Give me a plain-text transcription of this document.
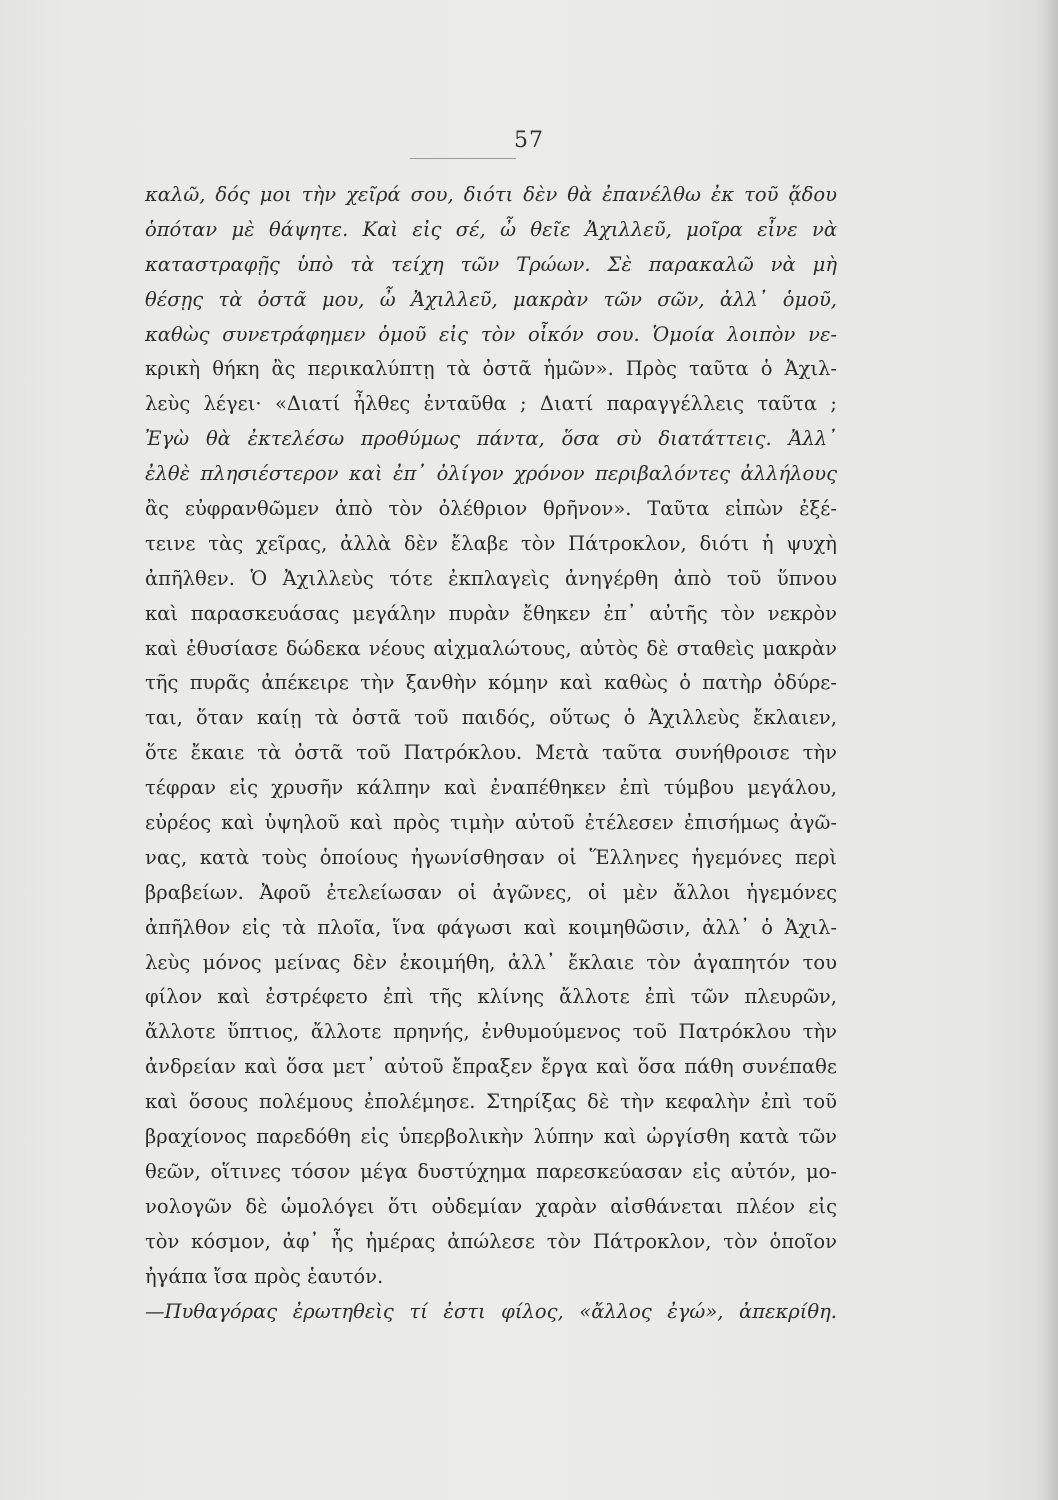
57
καλῶ, δός μοι τὴν χεῖρά σου, διότι δὲν θὰ ἐπανέλθω ἐκ τοῦ ᾅδου
ὁπόταν μὲ θάψητε. Καὶ εἰς σέ, ὦ θεῖε Ἀχιλλεῦ, μοῖρα εἶνε νὰ
καταστραφῇς ὑπὸ τὰ τείχη τῶν Τρώων. Σὲ παρακαλῶ νὰ μὴ
θέσῃς τὰ ὀστᾶ μου, ὦ Ἀχιλλεῦ, μακρὰν τῶν σῶν, ἀλλ᾽ ὁμοῦ,
καθὼς συνετράφημεν ὁμοῦ εἰς τὸν οἶκόν σου. Ὁμοία λοιπὸν νε-
κρικὴ θήκη ἂς περικαλύπτῃ τὰ ὀστᾶ ἡμῶν». Πρὸς ταῦτα ὁ Ἀχιλ-
λεὺς λέγει· «Διατί ἦλθες ἐνταῦθα ; Διατί παραγγέλλεις ταῦτα ;
Ἐγὼ θὰ ἐκτελέσω προθύμως πάντα, ὅσα σὺ διατάττεις. Ἀλλ᾽
ἐλθὲ πλησιέστερον καὶ ἐπ᾽ ὀλίγον χρόνον περιβαλόντες ἀλλήλους
ἂς εὐφρανθῶμεν ἀπὸ τὸν ὀλέθριον θρῆνον». Ταῦτα εἰπὼν ἐξέ-
τεινε τὰς χεῖρας, ἀλλὰ δὲν ἔλαβε τὸν Πάτροκλον, διότι ἡ ψυχὴ
ἀπῆλθεν. Ὁ Ἀχιλλεὺς τότε ἐκπλαγεὶς ἀνηγέρθη ἀπὸ τοῦ ὕπνου
καὶ παρασκευάσας μεγάλην πυρὰν ἔθηκεν ἐπ᾽ αὐτῆς τὸν νεκρὸν
καὶ ἐθυσίασε δώδεκα νέους αἰχμαλώτους, αὐτὸς δὲ σταθεὶς μακρὰν
τῆς πυρᾶς ἀπέκειρε τὴν ξανθὴν κόμην καὶ καθὼς ὁ πατὴρ ὀδύρε-
ται, ὅταν καίῃ τὰ ὀστᾶ τοῦ παιδός, οὕτως ὁ Ἀχιλλεὺς ἔκλαιεν,
ὅτε ἔκαιε τὰ ὀστᾶ τοῦ Πατρόκλου. Μετὰ ταῦτα συνήθροισε τὴν
τέφραν εἰς χρυσῆν κάλπην καὶ ἐναπέθηκεν ἐπὶ τύμβου μεγάλου,
εὐρέος καὶ ὑψηλοῦ καὶ πρὸς τιμὴν αὐτοῦ ἐτέλεσεν ἐπισήμως ἀγῶ-
νας, κατὰ τοὺς ὁποίους ἠγωνίσθησαν οἱ Ἕλληνες ἡγεμόνες περὶ
βραβείων. Ἀφοῦ ἐτελείωσαν οἱ ἀγῶνες, οἱ μὲν ἄλλοι ἡγεμόνες
ἀπῆλθον εἰς τὰ πλοῖα, ἵνα φάγωσι καὶ κοιμηθῶσιν, ἀλλ᾽ ὁ Ἀχιλ-
λεὺς μόνος μείνας δὲν ἐκοιμήθη, ἀλλ᾽ ἔκλαιε τὸν ἀγαπητόν του
φίλον καὶ ἐστρέφετο ἐπὶ τῆς κλίνης ἄλλοτε ἐπὶ τῶν πλευρῶν,
ἄλλοτε ὕπτιος, ἄλλοτε πρηνής, ἐνθυμούμενος τοῦ Πατρόκλου τὴν
ἀνδρείαν καὶ ὅσα μετ᾽ αὐτοῦ ἔπραξεν ἔργα καὶ ὅσα πάθη συνέπαθε
καὶ ὅσους πολέμους ἐπολέμησε. Στηρίξας δὲ τὴν κεφαλὴν ἐπὶ τοῦ
βραχίονος παρεδόθη εἰς ὑπερβολικὴν λύπην καὶ ὠργίσθη κατὰ τῶν
θεῶν, οἵτινες τόσον μέγα δυστύχημα παρεσκεύασαν εἰς αὐτόν, μο-
νολογῶν δὲ ὡμολόγει ὅτι οὐδεμίαν χαρὰν αἰσθάνεται πλέον εἰς
τὸν κόσμον, ἀφ᾽ ἧς ἡμέρας ἀπώλεσε τὸν Πάτροκλον, τὸν ὁποῖον
ἠγάπα ἴσα πρὸς ἑαυτόν.
—Πυθαγόρας ἐρωτηθεὶς τί ἐστι φίλος, «ἄλλος ἐγώ», ἀπεκρίθη.
